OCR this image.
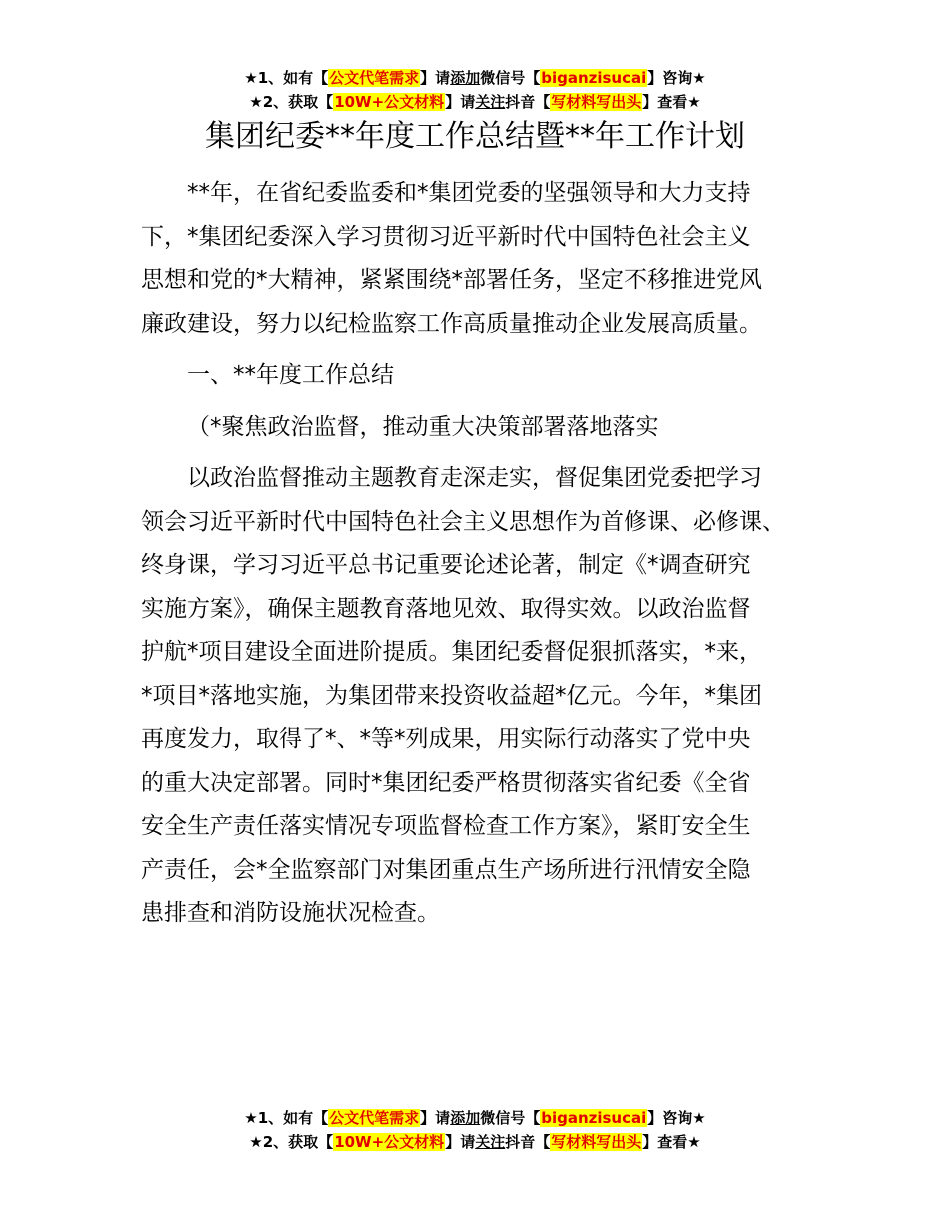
★1、如有【公文代笔需求】请添加微信号【biganzisucai】咨询★
★2、获取【10W+公文材料】请关注抖音【写材料写出头】查看★
集团纪委**年度工作总结暨**年工作计划

**年，在省纪委监委和*集团党委的坚强领导和大力支持
下，*集团纪委深入学习贯彻习近平新时代中国特色社会主义
思想和党的*大精神，紧紧围绕*部署任务，坚定不移推进党风
廉政建设，努力以纪检监察工作高质量推动企业发展高质量。

一、**年度工作总结

（*聚焦政治监督，推动重大决策部署落地落实

以政治监督推动主题教育走深走实，督促集团党委把学习
领会习近平新时代中国特色社会主义思想作为首修课、必修课、
终身课，学习习近平总书记重要论述论著，制定《*调查研究
实施方案》，确保主题教育落地见效、取得实效。以政治监督
护航*项目建设全面进阶提质。集团纪委督促狠抓落实，*来，
*项目*落地实施，为集团带来投资收益超*亿元。今年，*集团
再度发力，取得了*、*等*列成果，用实际行动落实了党中央
的重大决定部署。同时*集团纪委严格贯彻落实省纪委《全省
安全生产责任落实情况专项监督检查工作方案》，紧盯安全生
产责任，会*全监察部门对集团重点生产场所进行汛情安全隐
患排查和消防设施状况检查。

★1、如有【公文代笔需求】请添加微信号【biganzisucai】咨询★
★2、获取【10W+公文材料】请关注抖音【写材料写出头】查看★
